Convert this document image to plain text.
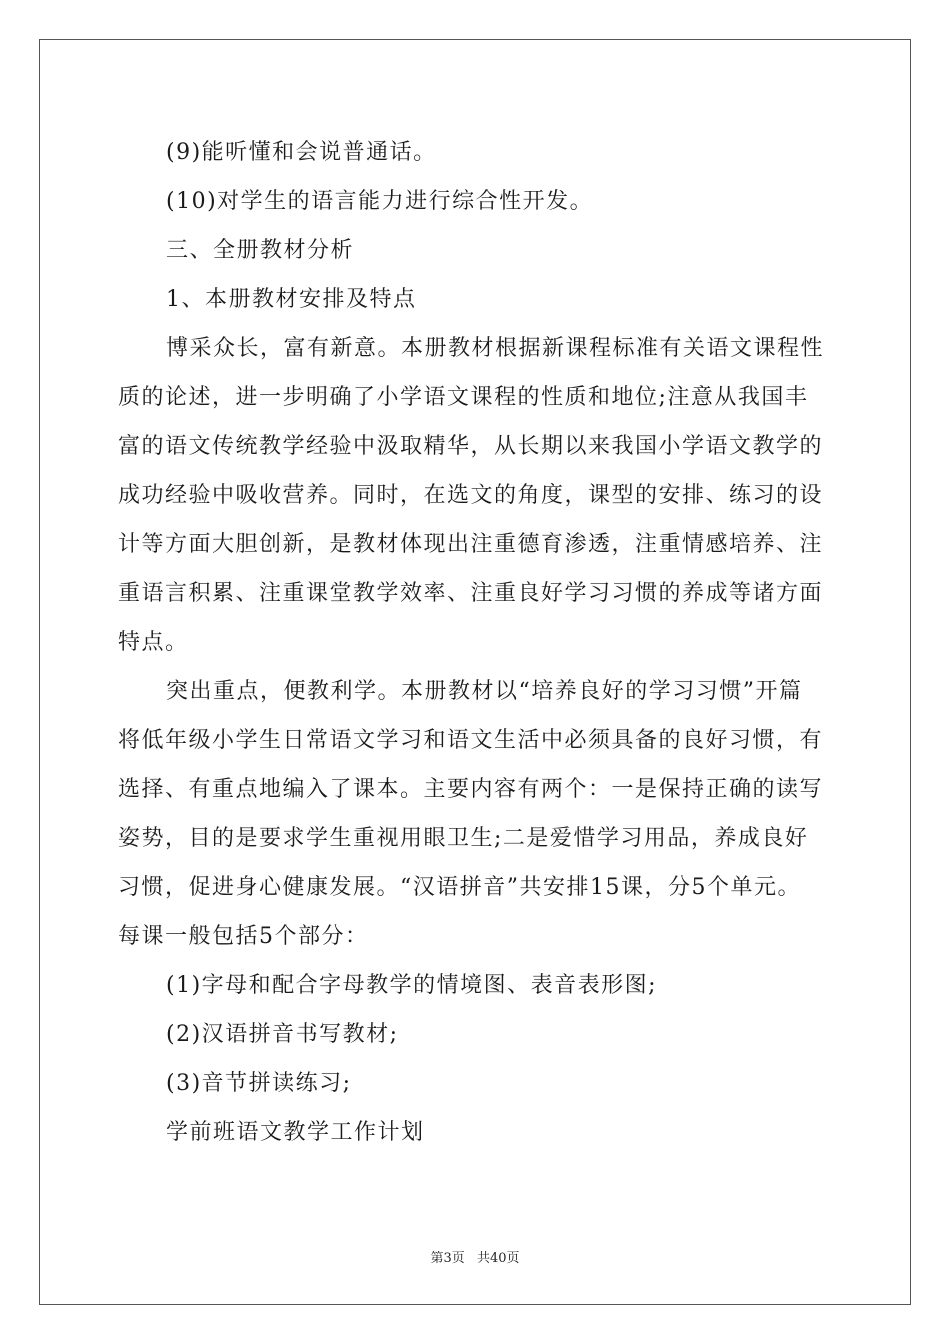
(9)能听懂和会说普通话。
(10)对学生的语言能力进行综合性开发。
三、全册教材分析
1、本册教材安排及特点
博采众长，富有新意。本册教材根据新课程标准有关语文课程性
质的论述，进一步明确了小学语文课程的性质和地位;注意从我国丰
富的语文传统教学经验中汲取精华，从长期以来我国小学语文教学的
成功经验中吸收营养。同时，在选文的角度，课型的安排、练习的设
计等方面大胆创新，是教材体现出注重德育渗透，注重情感培养、注
重语言积累、注重课堂教学效率、注重良好学习习惯的养成等诸方面
特点。
突出重点，便教利学。本册教材以“培养良好的学习习惯”开篇
将低年级小学生日常语文学习和语文生活中必须具备的良好习惯，有
选择、有重点地编入了课本。主要内容有两个：一是保持正确的读写
姿势，目的是要求学生重视用眼卫生;二是爱惜学习用品，养成良好
习惯，促进身心健康发展。“汉语拼音”共安排15课，分5个单元。
每课一般包括5个部分：
(1)字母和配合字母教学的情境图、表音表形图;
(2)汉语拼音书写教材;
(3)音节拼读练习;
学前班语文教学工作计划
第3页 共40页
